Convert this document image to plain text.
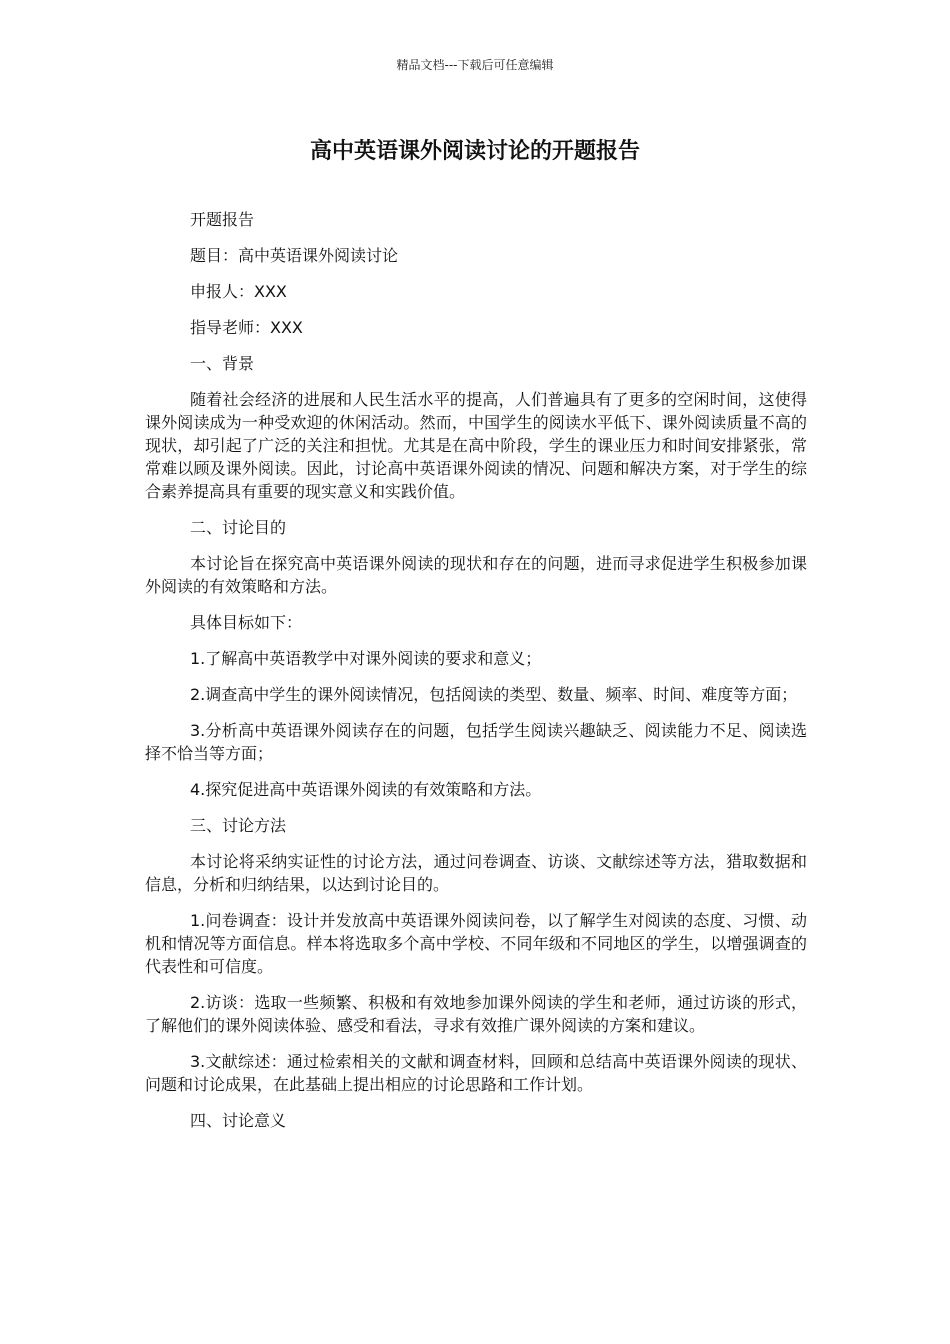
精品文档---下载后可任意编辑
高中英语课外阅读讨论的开题报告

开题报告

题目：高中英语课外阅读讨论

申报人：XXX

指导老师：XXX

一、背景

随着社会经济的进展和人民生活水平的提高，人们普遍具有了更多的空闲时间，这使得课外阅读成为一种受欢迎的休闲活动。然而，中国学生的阅读水平低下、课外阅读质量不高的现状，却引起了广泛的关注和担忧。尤其是在高中阶段，学生的课业压力和时间安排紧张，常常难以顾及课外阅读。因此，讨论高中英语课外阅读的情况、问题和解决方案，对于学生的综合素养提高具有重要的现实意义和实践价值。

二、讨论目的

本讨论旨在探究高中英语课外阅读的现状和存在的问题，进而寻求促进学生积极参加课外阅读的有效策略和方法。

具体目标如下：

1.了解高中英语教学中对课外阅读的要求和意义；

2.调查高中学生的课外阅读情况，包括阅读的类型、数量、频率、时间、难度等方面；

3.分析高中英语课外阅读存在的问题，包括学生阅读兴趣缺乏、阅读能力不足、阅读选择不恰当等方面；

4.探究促进高中英语课外阅读的有效策略和方法。

三、讨论方法

本讨论将采纳实证性的讨论方法，通过问卷调查、访谈、文献综述等方法，猎取数据和信息，分析和归纳结果，以达到讨论目的。

1.问卷调查：设计并发放高中英语课外阅读问卷，以了解学生对阅读的态度、习惯、动机和情况等方面信息。样本将选取多个高中学校、不同年级和不同地区的学生，以增强调查的代表性和可信度。

2.访谈：选取一些频繁、积极和有效地参加课外阅读的学生和老师，通过访谈的形式，了解他们的课外阅读体验、感受和看法，寻求有效推广课外阅读的方案和建议。

3.文献综述：通过检索相关的文献和调查材料，回顾和总结高中英语课外阅读的现状、问题和讨论成果，在此基础上提出相应的讨论思路和工作计划。

四、讨论意义
